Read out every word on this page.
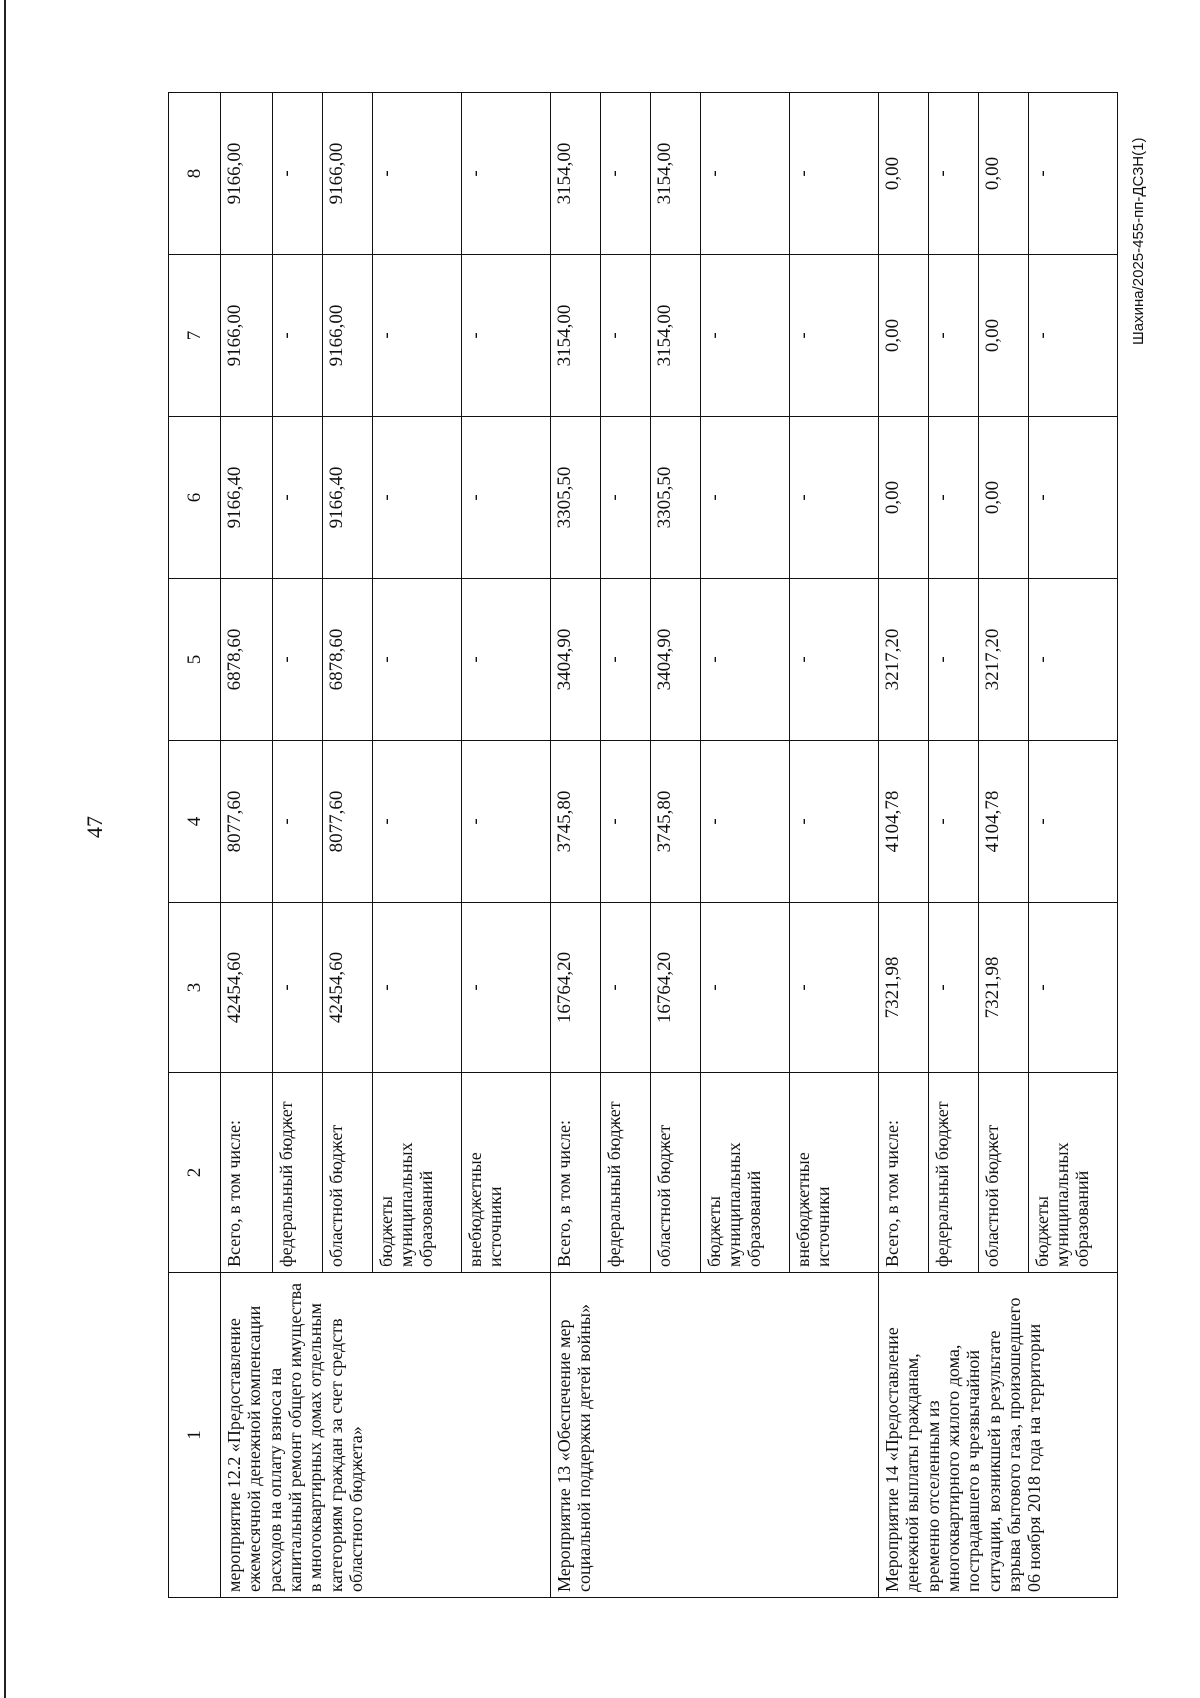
47
Шахина/2025-455-пп-ДСЗН(1)
1	2	3	4	5	6	7	8
мероприятие 12.2 «Предоставление ежемесячной денежной компенсации расходов на оплату взноса на капитальный ремонт общего имущества в многоквартирных домах отдельным категориям граждан за счет средств областного бюджета»	Всего, в том числе:	42454,60	8077,60	6878,60	9166,40	9166,00	9166,00
	федеральный бюджет	-	-	-	-	-	-
	областной бюджет	42454,60	8077,60	6878,60	9166,40	9166,00	9166,00
	бюджеты муниципальных образований	-	-	-	-	-	-
	внебюджетные источники	-	-	-	-	-	-
Мероприятие 13 «Обеспечение мер социальной поддержки детей войны»	Всего, в том числе:	16764,20	3745,80	3404,90	3305,50	3154,00	3154,00
	федеральный бюджет	-	-	-	-	-	-
	областной бюджет	16764,20	3745,80	3404,90	3305,50	3154,00	3154,00
	бюджеты муниципальных образований	-	-	-	-	-	-
	внебюджетные источники	-	-	-	-	-	-
Мероприятие 14 «Предоставление денежной выплаты гражданам, временно отселенным из многоквартирного жилого дома, пострадавшего в чрезвычайной ситуации, возникшей в результате взрыва бытового газа, произошедшего 06 ноября 2018 года на территории	Всего, в том числе:	7321,98	4104,78	3217,20	0,00	0,00	0,00
	федеральный бюджет	-	-	-	-	-	-
	областной бюджет	7321,98	4104,78	3217,20	0,00	0,00	0,00
	бюджеты муниципальных образований	-	-	-	-	-	-
